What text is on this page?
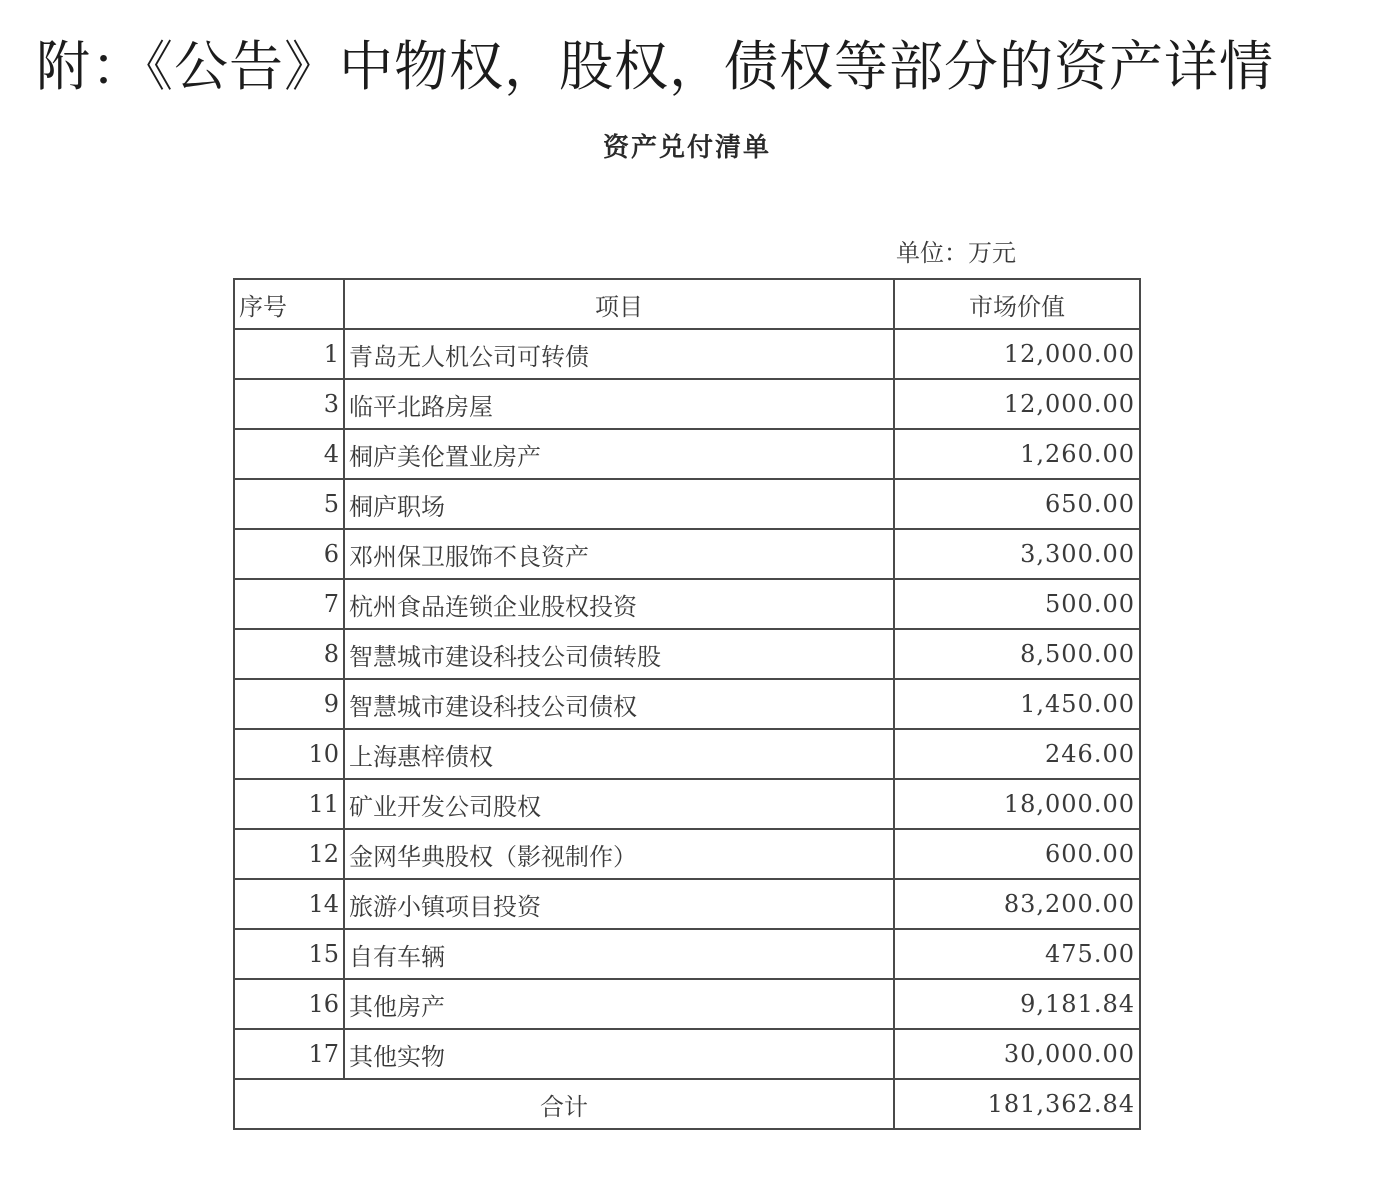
附：《公告》中物权，股权，债权等部分的资产详情
资产兑付清单
单位：万元
序号	项目	市场价值
1	青岛无人机公司可转债	12,000.00
3	临平北路房屋	12,000.00
4	桐庐美伦置业房产	1,260.00
5	桐庐职场	650.00
6	邓州保卫服饰不良资产	3,300.00
7	杭州食品连锁企业股权投资	500.00
8	智慧城市建设科技公司债转股	8,500.00
9	智慧城市建设科技公司债权	1,450.00
10	上海惠梓债权	246.00
11	矿业开发公司股权	18,000.00
12	金网华典股权（影视制作）	600.00
14	旅游小镇项目投资	83,200.00
15	自有车辆	475.00
16	其他房产	9,181.84
17	其他实物	30,000.00
合计		181,362.84
